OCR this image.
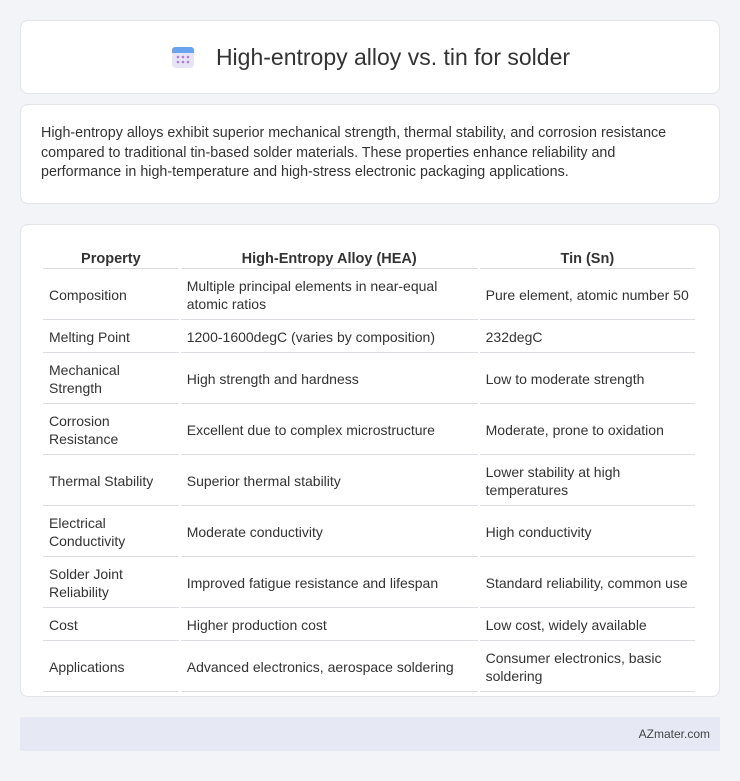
High-entropy alloy vs. tin for solder

High-entropy alloys exhibit superior mechanical strength, thermal stability, and corrosion resistance compared to traditional tin-based solder materials. These properties enhance reliability and performance in high-temperature and high-stress electronic packaging applications.

Property	High-Entropy Alloy (HEA)	Tin (Sn)
Composition	Multiple principal elements in near-equal atomic ratios	Pure element, atomic number 50
Melting Point	1200-1600degC (varies by composition)	232degC
Mechanical Strength	High strength and hardness	Low to moderate strength
Corrosion Resistance	Excellent due to complex microstructure	Moderate, prone to oxidation
Thermal Stability	Superior thermal stability	Lower stability at high temperatures
Electrical Conductivity	Moderate conductivity	High conductivity
Solder Joint Reliability	Improved fatigue resistance and lifespan	Standard reliability, common use
Cost	Higher production cost	Low cost, widely available
Applications	Advanced electronics, aerospace soldering	Consumer electronics, basic soldering
AZmater.com
